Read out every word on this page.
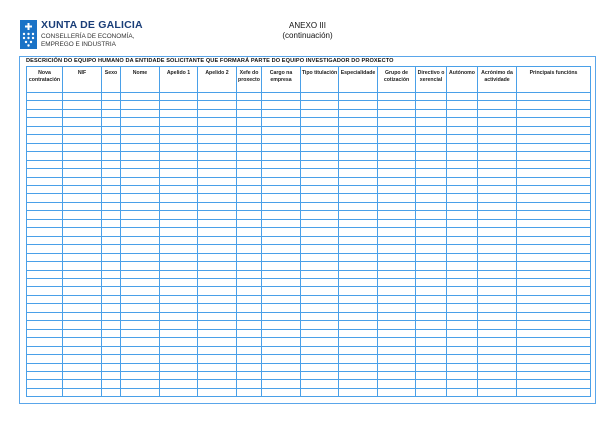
XUNTA DE GALICIA
CONSELLERÍA DE ECONOMÍA,
EMPREGO E INDUSTRIA
ANEXO III
(continuación)
DESCRICIÓN DO EQUIPO HUMANO DA ENTIDADE SOLICITANTE QUE FORMARÁ PARTE DO EQUIPO INVESTIGADOR DO PROXECTO
Nova contratación	NIF	Sexo	Nome	Apelido 1	Apelido 2	Xefe do proxecto	Cargo na empresa	Tipo titulación	Especialidade	Grupo de cotización	Directivo o xerencial	Autónomo	Acrónimo da actividade	Principais funcións
